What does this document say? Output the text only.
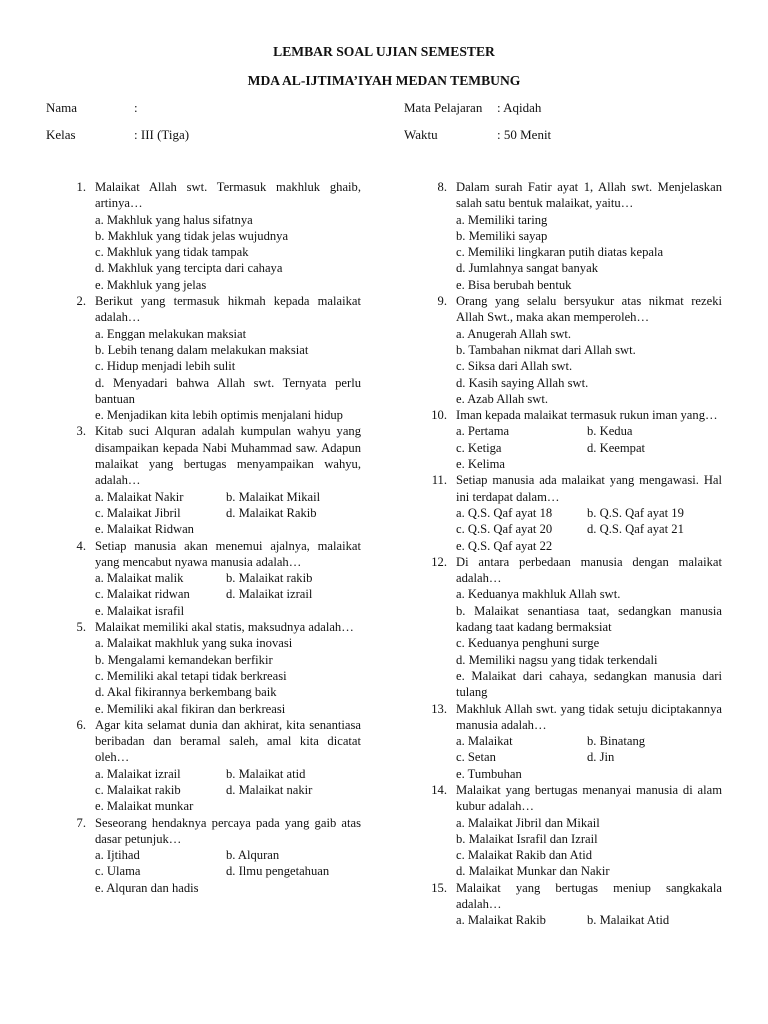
LEMBAR SOAL UJIAN SEMESTER
MDA AL-IJTIMA’IYAH MEDAN TEMBUNG
Nama	:
Kelas	: III (Tiga)
Mata Pelajaran : Aqidah
Waktu	: 50 Menit
1. Malaikat Allah swt. Termasuk makhluk ghaib, artinya…
a. Makhluk yang halus sifatnya
b. Makhluk yang tidak jelas wujudnya
c. Makhluk yang tidak tampak
d. Makhluk yang tercipta dari cahaya
e. Makhluk yang jelas
2. Berikut yang termasuk hikmah kepada malaikat adalah…
a. Enggan melakukan maksiat
b. Lebih tenang dalam melakukan maksiat
c. Hidup menjadi lebih sulit
d. Menyadari bahwa Allah swt. Ternyata perlu bantuan
e. Menjadikan kita lebih optimis menjalani hidup
3. Kitab suci Alquran adalah kumpulan wahyu yang disampaikan kepada Nabi Muhammad saw. Adapun malaikat yang bertugas menyampaikan wahyu, adalah…
a. Malaikat Nakir	b. Malaikat Mikail
c. Malaikat Jibril	d. Malaikat Rakib
e. Malaikat Ridwan
4. Setiap manusia akan menemui ajalnya, malaikat yang mencabut nyawa manusia adalah…
a. Malaikat malik	b. Malaikat rakib
c. Malaikat ridwan	d. Malaikat izrail
e. Malaikat israfil
5. Malaikat memiliki akal statis, maksudnya adalah…
a. Malaikat makhluk yang suka inovasi
b. Mengalami kemandekan berfikir
c. Memiliki akal tetapi tidak berkreasi
d. Akal fikirannya berkembang baik
e. Memiliki akal fikiran dan berkreasi
6. Agar kita selamat dunia dan akhirat, kita senantiasa beribadan dan beramal saleh, amal kita dicatat oleh…
a. Malaikat izrail	b. Malaikat atid
c. Malaikat rakib	d. Malaikat nakir
e. Malaikat munkar
7. Seseorang hendaknya percaya pada yang gaib atas dasar petunjuk…
a. Ijtihad	b. Alquran
c. Ulama	d. Ilmu pengetahuan
e. Alquran dan hadis
8. Dalam surah Fatir ayat 1, Allah swt. Menjelaskan salah satu bentuk malaikat, yaitu…
a. Memiliki taring
b. Memiliki sayap
c. Memiliki lingkaran putih diatas kepala
d. Jumlahnya sangat banyak
e. Bisa berubah bentuk
9. Orang yang selalu bersyukur atas nikmat rezeki Allah Swt., maka akan memperoleh…
a. Anugerah Allah swt.
b. Tambahan nikmat dari Allah swt.
c. Siksa dari Allah swt.
d. Kasih saying Allah swt.
e. Azab Allah swt.
10. Iman kepada malaikat termasuk rukun iman yang…
a. Pertama	b. Kedua
c. Ketiga	d. Keempat
e. Kelima
11. Setiap manusia ada malaikat yang mengawasi. Hal ini terdapat dalam…
a. Q.S. Qaf ayat 18	b. Q.S. Qaf ayat 19
c. Q.S. Qaf ayat 20	d. Q.S. Qaf ayat 21
e. Q.S. Qaf ayat 22
12. Di antara perbedaan manusia dengan malaikat adalah…
a. Keduanya makhluk Allah swt.
b. Malaikat senantiasa taat, sedangkan manusia kadang taat kadang bermaksiat
c. Keduanya penghuni surge
d. Memiliki nagsu yang tidak terkendali
e. Malaikat dari cahaya, sedangkan manusia dari tulang
13. Makhluk Allah swt. yang tidak setuju diciptakannya manusia adalah…
a. Malaikat	b. Binatang
c. Setan	d. Jin
e. Tumbuhan
14. Malaikat yang bertugas menanyai manusia di alam kubur adalah…
a. Malaikat Jibril dan Mikail
b. Malaikat Israfil dan Izrail
c. Malaikat Rakib dan Atid
d. Malaikat Munkar dan Nakir
15. Malaikat yang bertugas meniup sangkakala adalah…
a. Malaikat Rakib	b. Malaikat Atid
